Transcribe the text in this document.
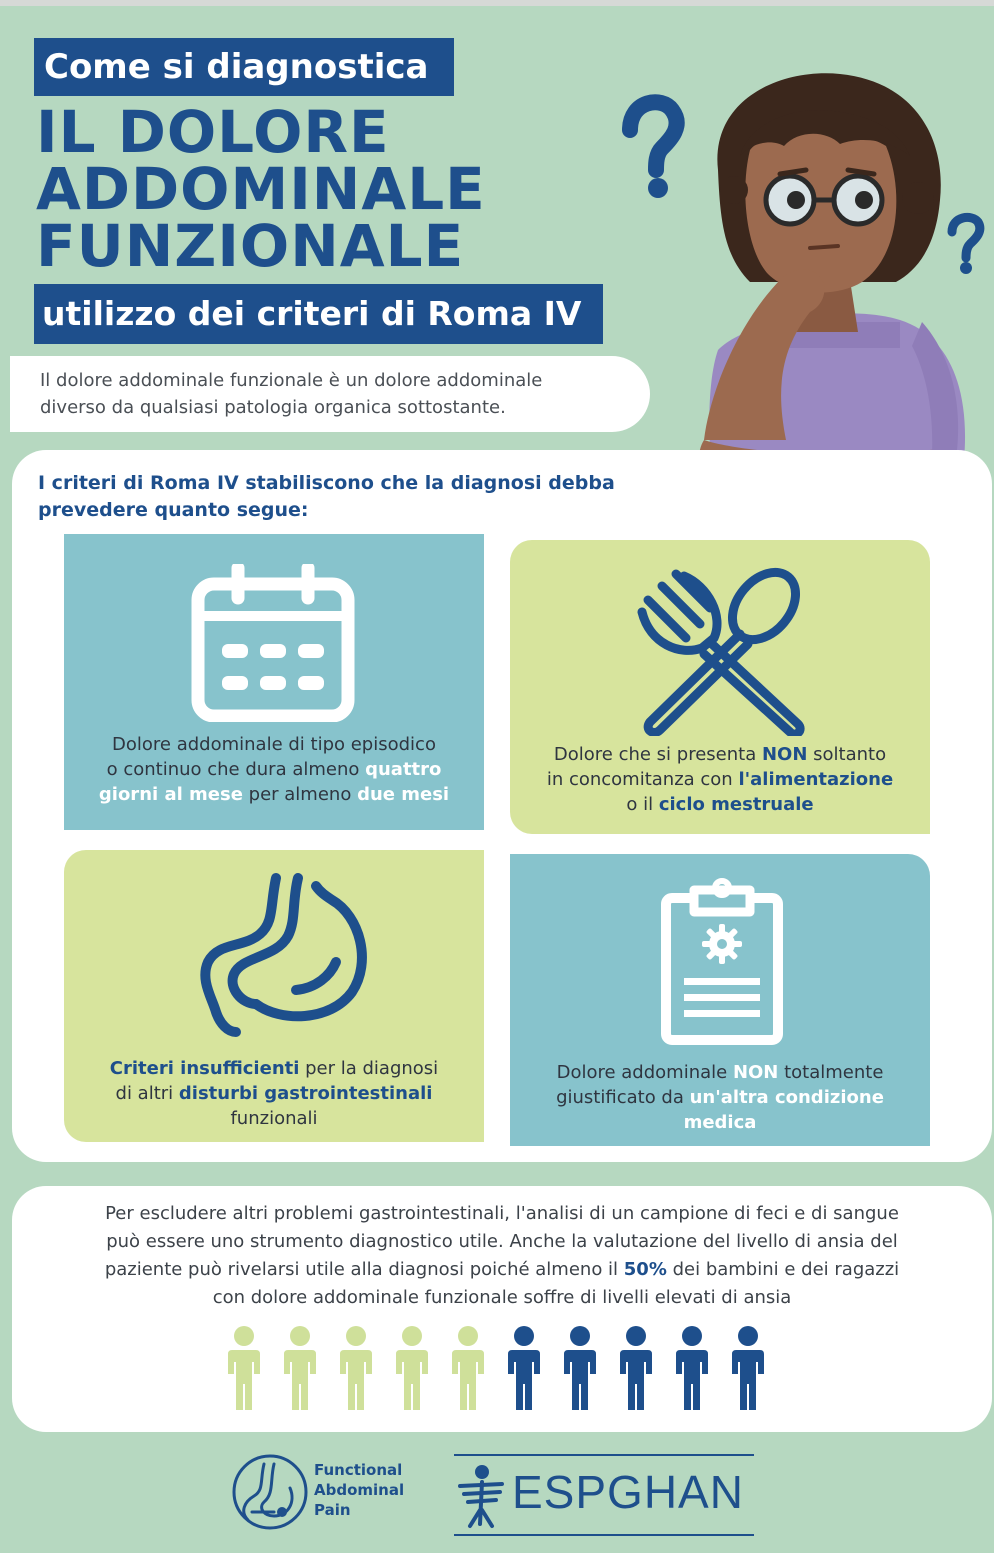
Come si diagnostica
IL DOLORE
ADDOMINALE
FUNZIONALE
utilizzo dei criteri di Roma IV
Il dolore addominale funzionale è un dolore addominale
diverso da qualsiasi patologia organica sottostante.
I criteri di Roma IV stabiliscono che la diagnosi debba
prevedere quanto segue:
Dolore addominale di tipo episodico
o continuo che dura almeno quattro
giorni al mese per almeno due mesi
Dolore che si presenta NON soltanto
in concomitanza con l'alimentazione
o il ciclo mestruale
Criteri insufficienti per la diagnosi
di altri disturbi gastrointestinali
funzionali
Dolore addominale NON totalmente
giustificato da un'altra condizione
medica
Per escludere altri problemi gastrointestinali, l'analisi di un campione di feci e di sangue
può essere uno strumento diagnostico utile. Anche la valutazione del livello di ansia del
paziente può rivelarsi utile alla diagnosi poiché almeno il 50% dei bambini e dei ragazzi
con dolore addominale funzionale soffre di livelli elevati di ansia
Functional
Abdominal
Pain	ESPGHAN
